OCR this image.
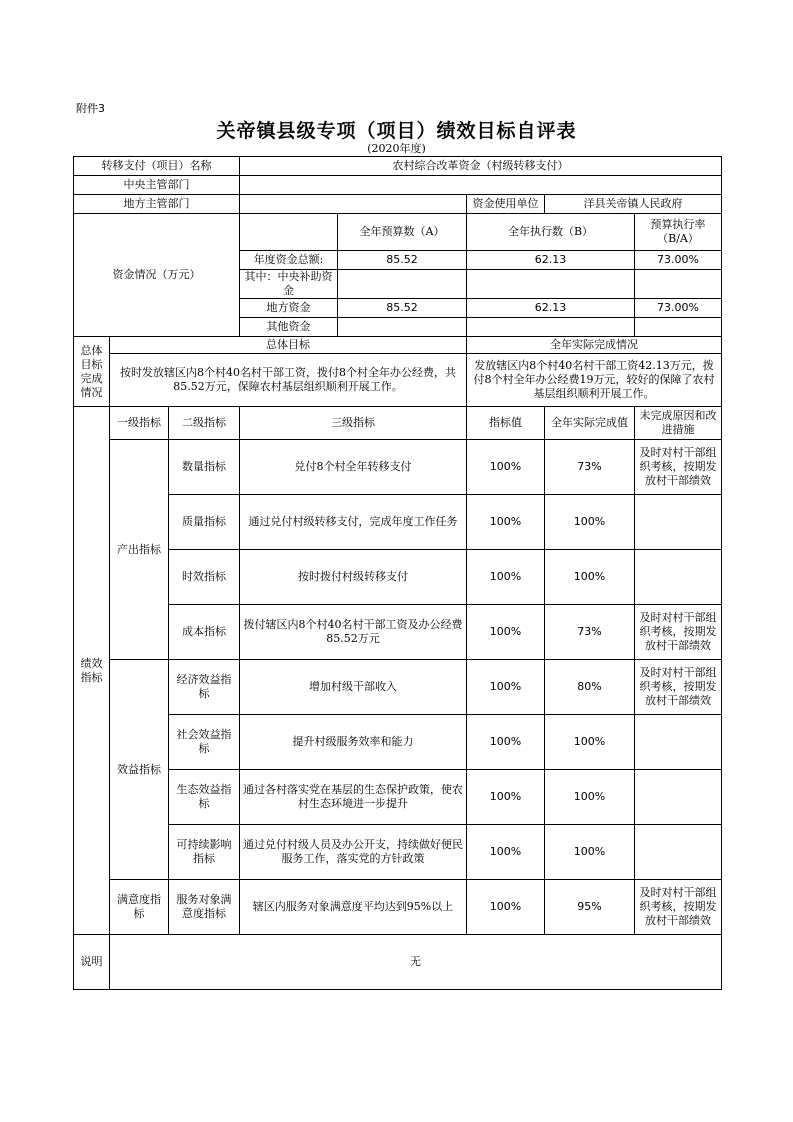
附件3
关帝镇县级专项（项目）绩效目标自评表
(2020年度)
转移支付（项目）名称			农村综合改革资金（村级转移支付）				
中央主管部门							
地方主管部门					资金使用单位	洋县关帝镇人民政府	
资金情况（万元）				全年预算数（A）	全年执行数（B）		预算执行率（B/A）
			年度资金总额:	85.52	62.13		73.00%
			其中：中央补助资金				
			地方资金	85.52	62.13		73.00%
			其他资金				
总体目标完成情况	总体目标				全年实际完成情况		
	按时发放辖区内8个村40名村干部工资，拨付8个村全年办公经费，共85.52万元，保障农村基层组织顺利开展工作。				发放辖区内8个村40名村干部工资42.13万元，拨付8个村全年办公经费19万元，较好的保障了农村基层组织顺利开展工作。		
绩效指标	一级指标	二级指标	三级指标		指标值	全年实际完成值	未完成原因和改进措施
	产出指标	数量指标	兑付8个村全年转移支付		100%	73%	及时对村干部组织考核，按期发放村干部绩效
		质量指标	通过兑付村级转移支付，完成年度工作任务		100%	100%	
		时效指标	按时拨付村级转移支付		100%	100%	
		成本指标	拨付辖区内8个村40名村干部工资及办公经费85.52万元		100%	73%	及时对村干部组织考核，按期发放村干部绩效
	效益指标	经济效益指标	增加村级干部收入		100%	80%	及时对村干部组织考核，按期发放村干部绩效
		社会效益指标	提升村级服务效率和能力		100%	100%	
		生态效益指标	通过各村落实党在基层的生态保护政策，使农村生态环境进一步提升		100%	100%	
		可持续影响指标	通过兑付村级人员及办公开支，持续做好便民服务工作，落实党的方针政策		100%	100%	
	满意度指标	服务对象满意度指标	辖区内服务对象满意度平均达到95%以上		100%	95%	及时对村干部组织考核，按期发放村干部绩效
说明	无						
